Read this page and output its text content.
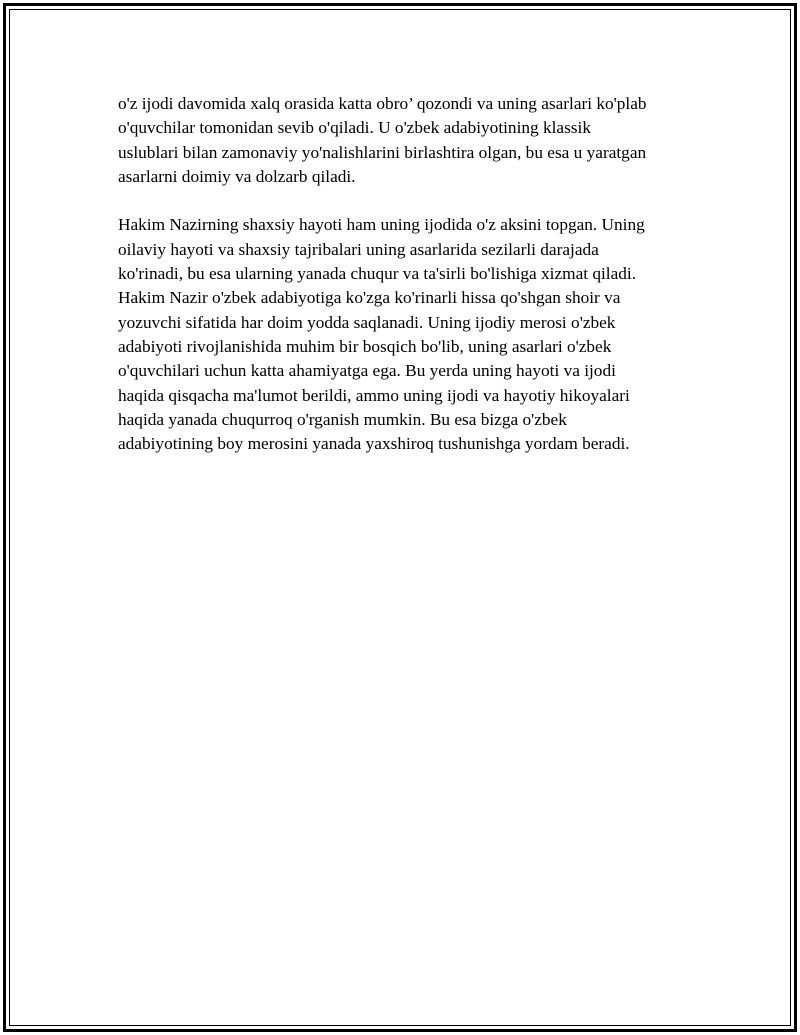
o'z ijodi davomida xalq orasida katta obro’ qozondi va uning asarlari ko'plab
o'quvchilar tomonidan sevib o'qiladi. U o'zbek adabiyotining klassik
uslublari bilan zamonaviy yo'nalishlarini birlashtira olgan, bu esa u yaratgan
asarlarni doimiy va dolzarb qiladi.
Hakim Nazirning shaxsiy hayoti ham uning ijodida o'z aksini topgan. Uning
oilaviy hayoti va shaxsiy tajribalari uning asarlarida sezilarli darajada
ko'rinadi, bu esa ularning yanada chuqur va ta'sirli bo'lishiga xizmat qiladi.
Hakim Nazir o'zbek adabiyotiga ko'zga ko'rinarli hissa qo'shgan shoir va
yozuvchi sifatida har doim yodda saqlanadi. Uning ijodiy merosi o'zbek
adabiyoti rivojlanishida muhim bir bosqich bo'lib, uning asarlari o'zbek
o'quvchilari uchun katta ahamiyatga ega. Bu yerda uning hayoti va ijodi
haqida qisqacha ma'lumot berildi, ammo uning ijodi va hayotiy hikoyalari
haqida yanada chuqurroq o'rganish mumkin. Bu esa bizga o'zbek
adabiyotining boy merosini yanada yaxshiroq tushunishga yordam beradi.
